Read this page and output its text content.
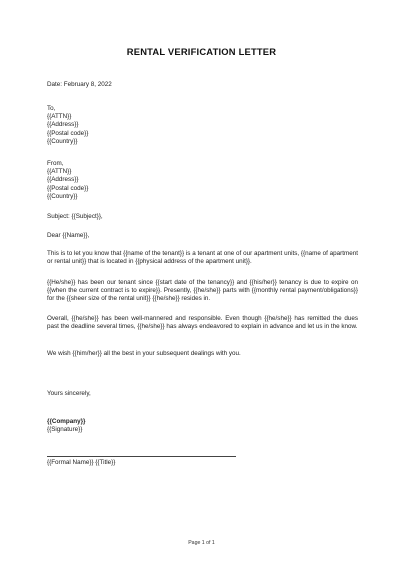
RENTAL VERIFICATION LETTER
Date: February 8, 2022
To,
{{ATTN}}
{{Address}}
{{Postal code}}
{{Country}}
From,
{{ATTN}}
{{Address}}
{{Postal code}}
{{Country}}
Subject: {{Subject}},
Dear {{Name}},
This is to let you know that {{name of the tenant}} is a tenant at one of our apartment units, {{name of apartment or rental unit}} that is located in {{physical address of the apartment unit}}.
{{He/she}} has been our tenant since {{start date of the tenancy}} and {{his/her}} tenancy is due to expire on {{when the current contract is to expire}}. Presently, {{he/she}} parts with {{monthly rental payment/obligations}} for the {{sheer size of the rental unit}} {{he/she}} resides in.
Overall, {{he/she}} has been well-mannered and responsible. Even though {{he/she}} has remitted the dues past the deadline several times, {{he/she}} has always endeavored to explain in advance and let us in the know.
We wish {{him/her}} all the best in your subsequent dealings with you.
Yours sincerely,
{{Company}}
{{Signature}}
{{Formal Name}} {{Title}}
Page 1 of 1
